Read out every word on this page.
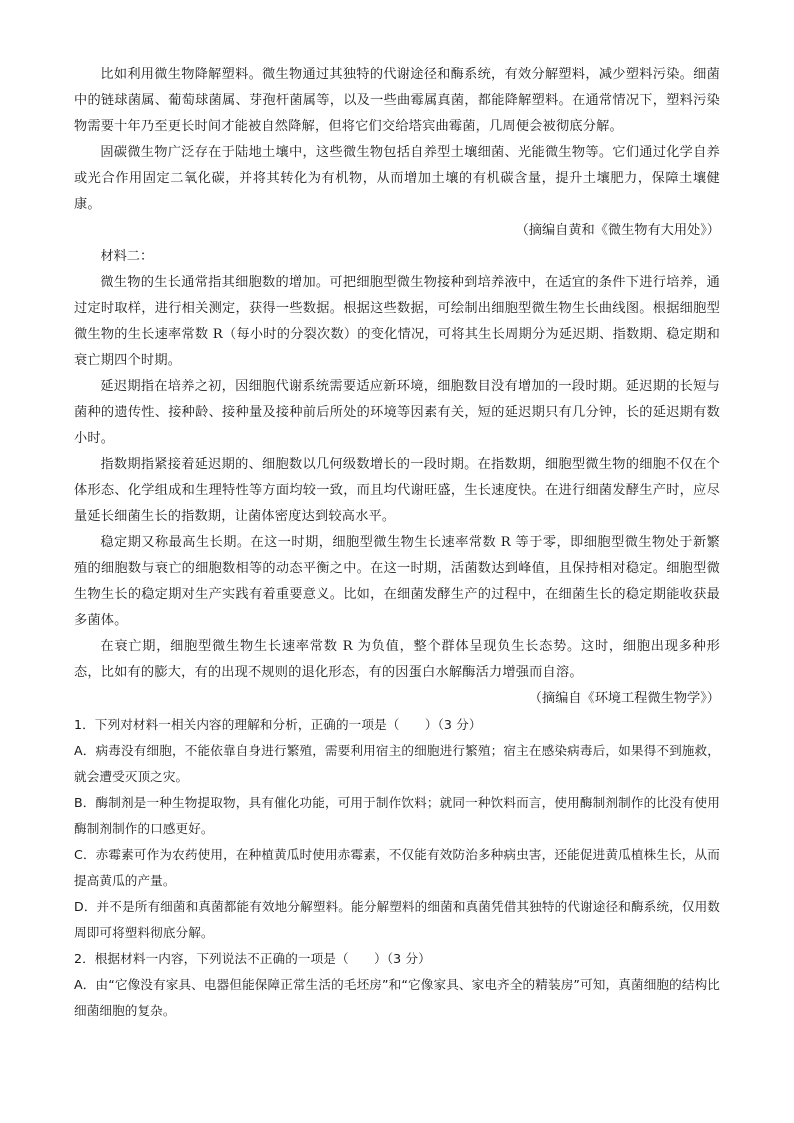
比如利用微生物降解塑料。微生物通过其独特的代谢途径和酶系统，有效分解塑料，减少塑料污染。细菌中的链球菌属、葡萄球菌属、芽孢杆菌属等，以及一些曲霉属真菌，都能降解塑料。在通常情况下，塑料污染物需要十年乃至更长时间才能被自然降解，但将它们交给塔宾曲霉菌，几周便会被彻底分解。

固碳微生物广泛存在于陆地土壤中，这些微生物包括自养型土壤细菌、光能微生物等。它们通过化学自养或光合作用固定二氧化碳，并将其转化为有机物，从而增加土壤的有机碳含量，提升土壤肥力，保障土壤健康。

（摘编自黄和《微生物有大用处》）

材料二：

微生物的生长通常指其细胞数的增加。可把细胞型微生物接种到培养液中，在适宜的条件下进行培养，通过定时取样，进行相关测定，获得一些数据。根据这些数据，可绘制出细胞型微生物生长曲线图。根据细胞型微生物的生长速率常数 R（每小时的分裂次数）的变化情况，可将其生长周期分为延迟期、指数期、稳定期和衰亡期四个时期。

延迟期指在培养之初，因细胞代谢系统需要适应新环境，细胞数目没有增加的一段时期。延迟期的长短与菌种的遗传性、接种龄、接种量及接种前后所处的环境等因素有关，短的延迟期只有几分钟，长的延迟期有数小时。

指数期指紧接着延迟期的、细胞数以几何级数增长的一段时期。在指数期，细胞型微生物的细胞不仅在个体形态、化学组成和生理特性等方面均较一致，而且均代谢旺盛，生长速度快。在进行细菌发酵生产时，应尽量延长细菌生长的指数期，让菌体密度达到较高水平。

稳定期又称最高生长期。在这一时期，细胞型微生物生长速率常数 R 等于零，即细胞型微生物处于新繁殖的细胞数与衰亡的细胞数相等的动态平衡之中。在这一时期，活菌数达到峰值，且保持相对稳定。细胞型微生物生长的稳定期对生产实践有着重要意义。比如，在细菌发酵生产的过程中，在细菌生长的稳定期能收获最多菌体。

在衰亡期，细胞型微生物生长速率常数 R 为负值，整个群体呈现负生长态势。这时，细胞出现多种形态，比如有的膨大，有的出现不规则的退化形态，有的因蛋白水解酶活力增强而自溶。

（摘编自《环境工程微生物学》）

1．下列对材料一相关内容的理解和分析，正确的一项是（　　）（3 分）

A．病毒没有细胞，不能依靠自身进行繁殖，需要利用宿主的细胞进行繁殖；宿主在感染病毒后，如果得不到施救，就会遭受灭顶之灾。

B．酶制剂是一种生物提取物，具有催化功能，可用于制作饮料；就同一种饮料而言，使用酶制剂制作的比没有使用酶制剂制作的口感更好。

C．赤霉素可作为农药使用，在种植黄瓜时使用赤霉素，不仅能有效防治多种病虫害，还能促进黄瓜植株生长，从而提高黄瓜的产量。

D．并不是所有细菌和真菌都能有效地分解塑料。能分解塑料的细菌和真菌凭借其独特的代谢途径和酶系统，仅用数周即可将塑料彻底分解。

2．根据材料一内容，下列说法不正确的一项是（　　）（3 分）

A．由“它像没有家具、电器但能保障正常生活的毛坯房”和“它像家具、家电齐全的精装房”可知，真菌细胞的结构比细菌细胞的复杂。
